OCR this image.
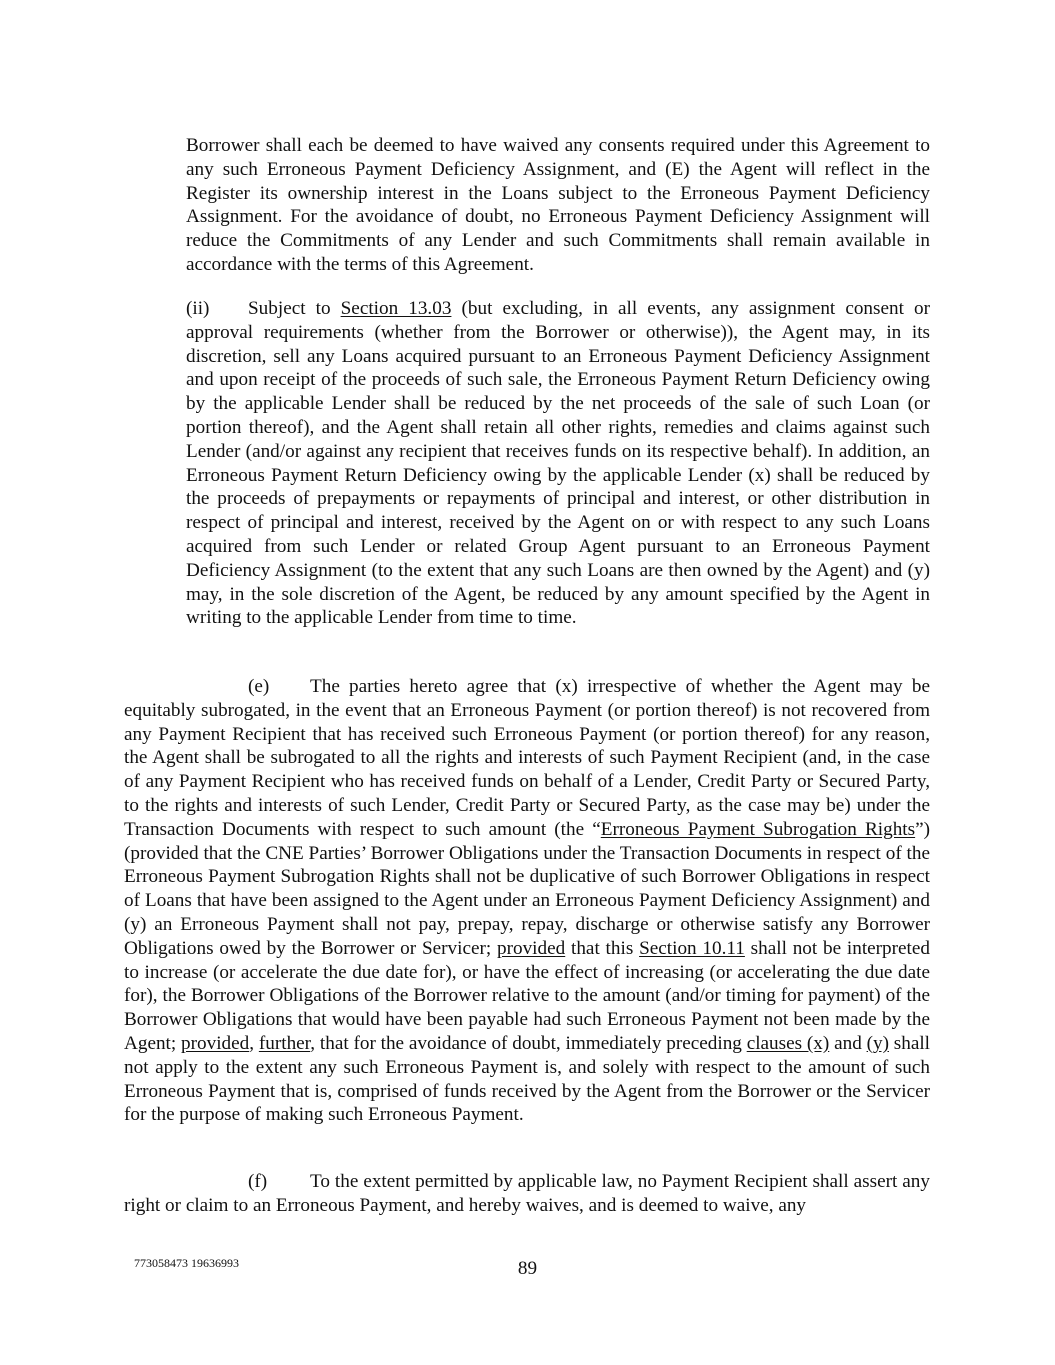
Borrower shall each be deemed to have waived any consents required under this Agreement to any such Erroneous Payment Deficiency Assignment, and (E) the Agent will reflect in the Register its ownership interest in the Loans subject to the Erroneous Payment Deficiency Assignment. For the avoidance of doubt, no Erroneous Payment Deficiency Assignment will reduce the Commitments of any Lender and such Commitments shall remain available in accordance with the terms of this Agreement.

(ii) Subject to Section 13.03 (but excluding, in all events, any assignment consent or approval requirements (whether from the Borrower or otherwise)), the Agent may, in its discretion, sell any Loans acquired pursuant to an Erroneous Payment Deficiency Assignment and upon receipt of the proceeds of such sale, the Erroneous Payment Return Deficiency owing by the applicable Lender shall be reduced by the net proceeds of the sale of such Loan (or portion thereof), and the Agent shall retain all other rights, remedies and claims against such Lender (and/or against any recipient that receives funds on its respective behalf). In addition, an Erroneous Payment Return Deficiency owing by the applicable Lender (x) shall be reduced by the proceeds of prepayments or repayments of principal and interest, or other distribution in respect of principal and interest, received by the Agent on or with respect to any such Loans acquired from such Lender or related Group Agent pursuant to an Erroneous Payment Deficiency Assignment (to the extent that any such Loans are then owned by the Agent) and (y) may, in the sole discretion of the Agent, be reduced by any amount specified by the Agent in writing to the applicable Lender from time to time.

(e) The parties hereto agree that (x) irrespective of whether the Agent may be equitably subrogated, in the event that an Erroneous Payment (or portion thereof) is not recovered from any Payment Recipient that has received such Erroneous Payment (or portion thereof) for any reason, the Agent shall be subrogated to all the rights and interests of such Payment Recipient (and, in the case of any Payment Recipient who has received funds on behalf of a Lender, Credit Party or Secured Party, to the rights and interests of such Lender, Credit Party or Secured Party, as the case may be) under the Transaction Documents with respect to such amount (the “Erroneous Payment Subrogation Rights”) (provided that the CNE Parties’ Borrower Obligations under the Transaction Documents in respect of the Erroneous Payment Subrogation Rights shall not be duplicative of such Borrower Obligations in respect of Loans that have been assigned to the Agent under an Erroneous Payment Deficiency Assignment) and (y) an Erroneous Payment shall not pay, prepay, repay, discharge or otherwise satisfy any Borrower Obligations owed by the Borrower or Servicer; provided that this Section 10.11 shall not be interpreted to increase (or accelerate the due date for), or have the effect of increasing (or accelerating the due date for), the Borrower Obligations of the Borrower relative to the amount (and/or timing for payment) of the Borrower Obligations that would have been payable had such Erroneous Payment not been made by the Agent; provided, further, that for the avoidance of doubt, immediately preceding clauses (x) and (y) shall not apply to the extent any such Erroneous Payment is, and solely with respect to the amount of such Erroneous Payment that is, comprised of funds received by the Agent from the Borrower or the Servicer for the purpose of making such Erroneous Payment.

(f) To the extent permitted by applicable law, no Payment Recipient shall assert any right or claim to an Erroneous Payment, and hereby waives, and is deemed to waive, any

773058473 19636993	89
